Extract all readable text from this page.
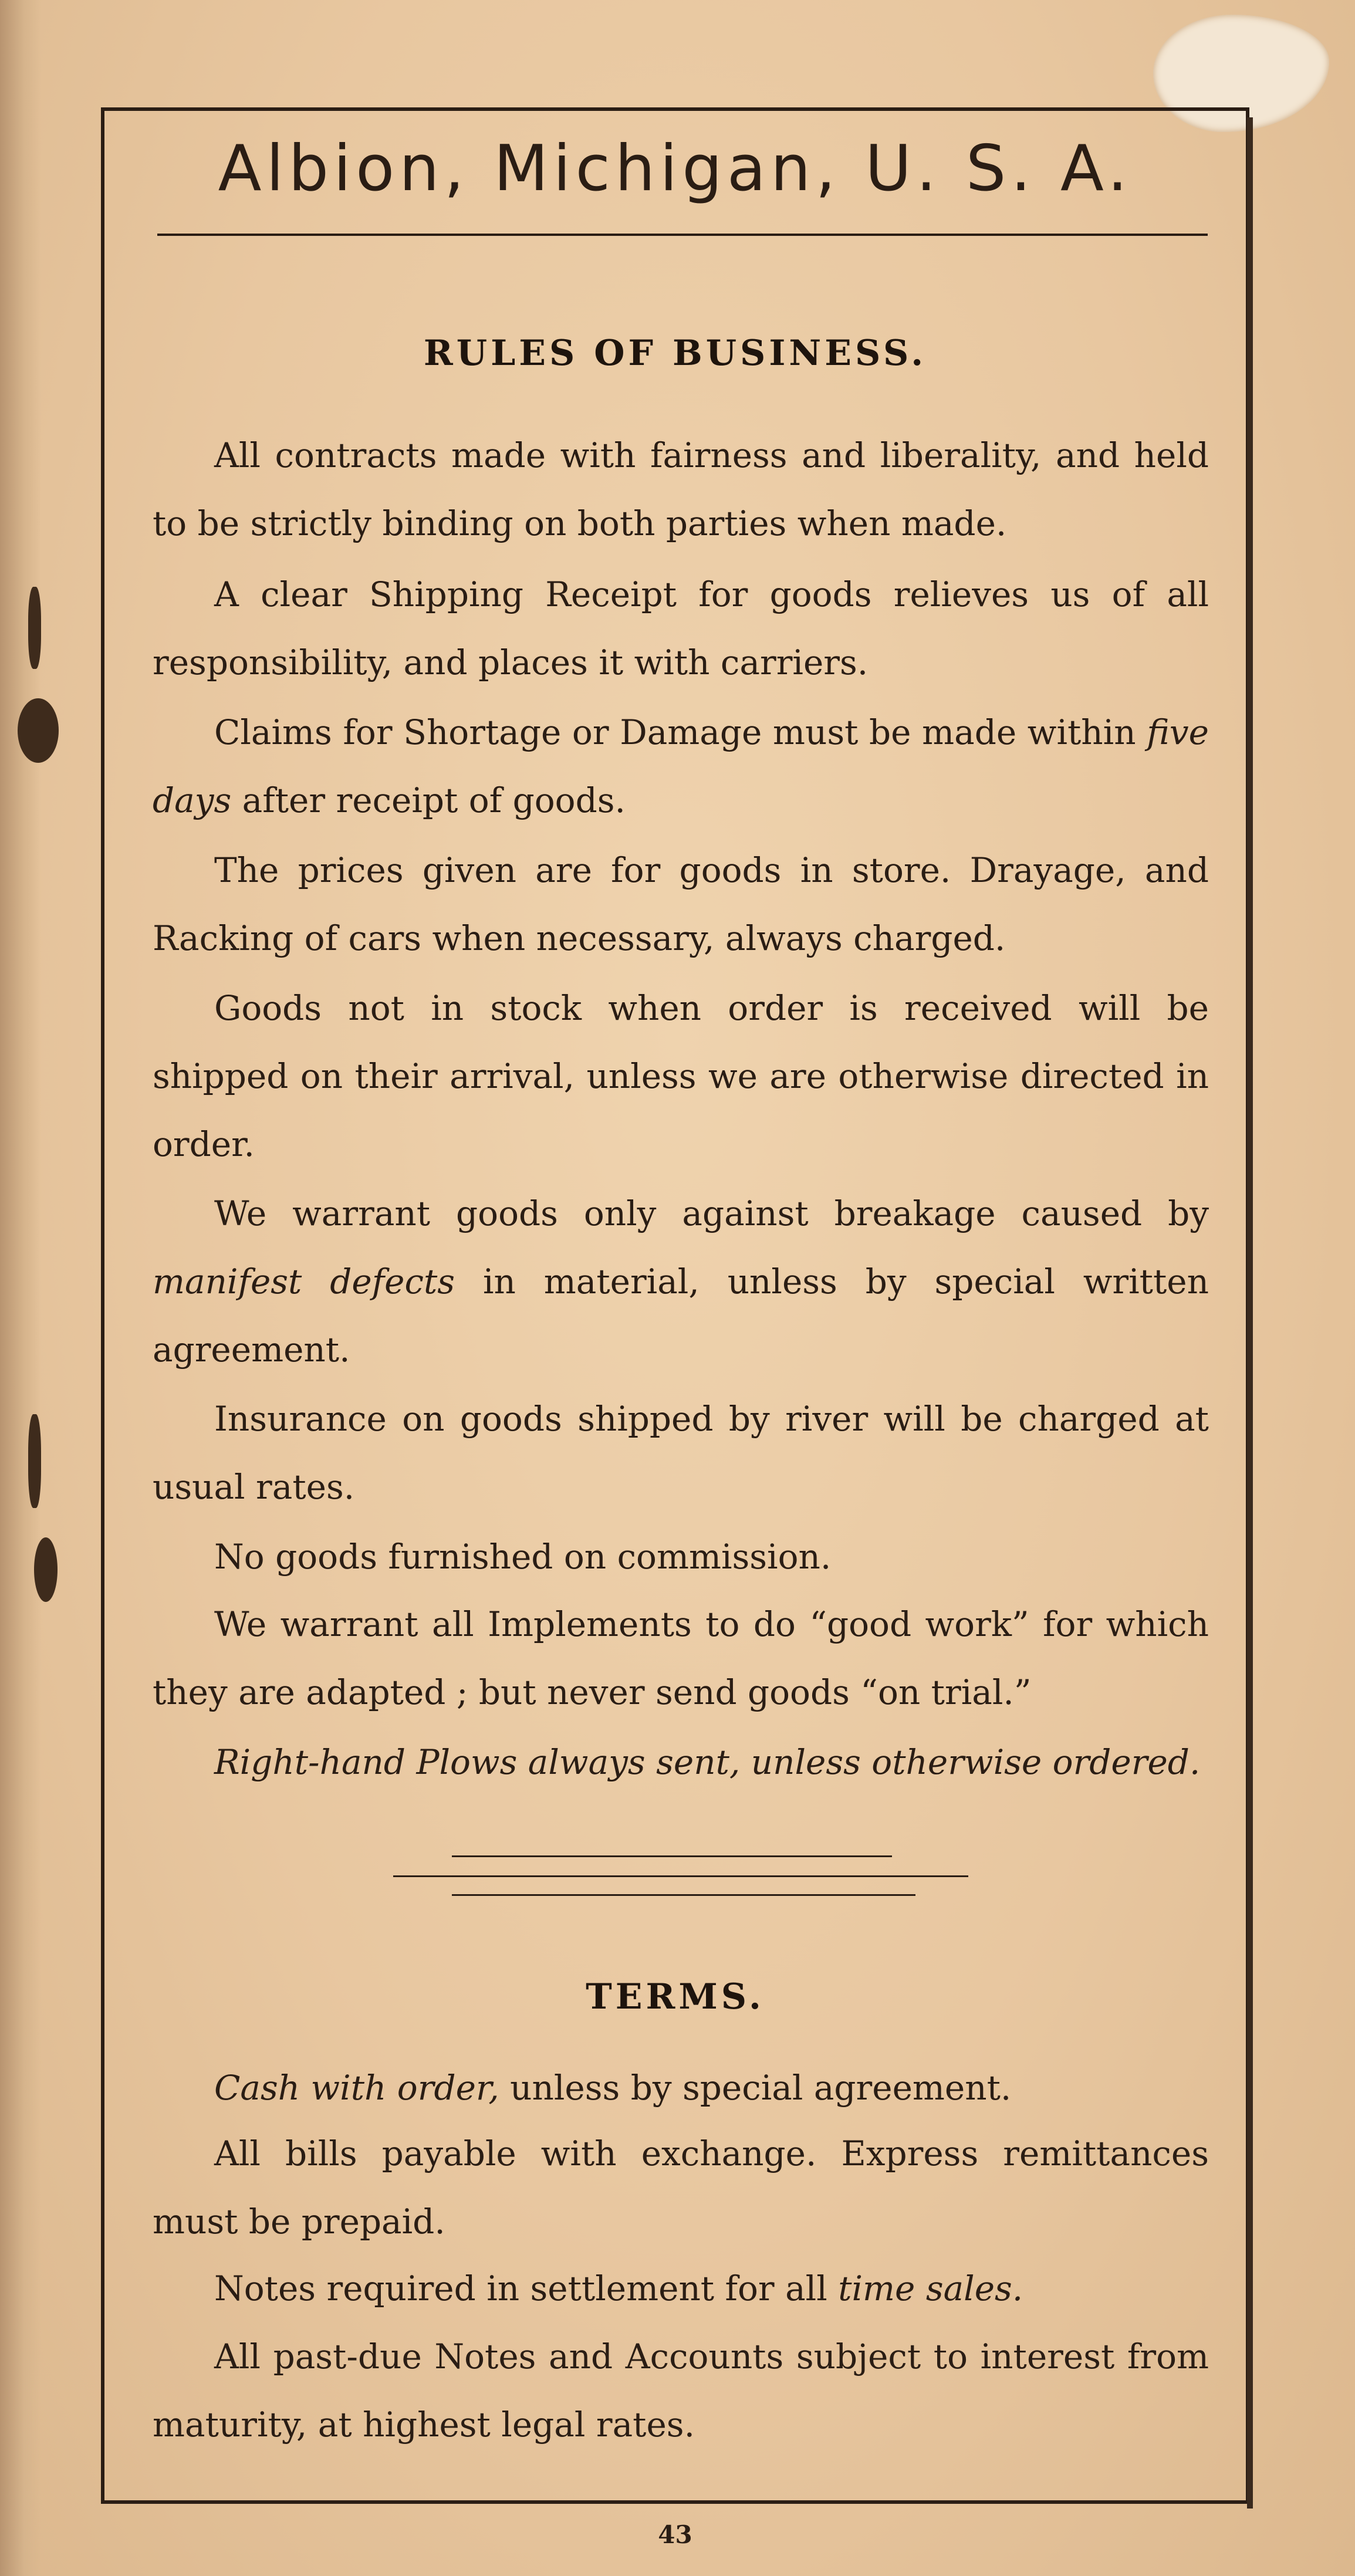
Albion, Michigan, U. S. A.
RULES OF BUSINESS.
All contracts made with fairness and liberality, and held to be strictly binding on both parties when made.
A clear Shipping Receipt for goods relieves us of all responsibility, and places it with carriers.
Claims for Shortage or Damage must be made within five days after receipt of goods.
The prices given are for goods in store. Drayage, and Racking of cars when necessary, always charged.
Goods not in stock when order is received will be shipped on their arrival, unless we are otherwise directed in order.
We warrant goods only against breakage caused by manifest defects in material, unless by special written agreement.
Insurance on goods shipped by river will be charged at usual rates.
No goods furnished on commission.
We warrant all Implements to do “good work” for which they are adapted ; but never send goods “on trial.”
Right-hand Plows always sent, unless otherwise ordered.
TERMS.
Cash with order, unless by special agreement.
All bills payable with exchange. Express remittances must be prepaid.
Notes required in settlement for all time sales.
All past-due Notes and Accounts subject to interest from maturity, at highest legal rates.
43
